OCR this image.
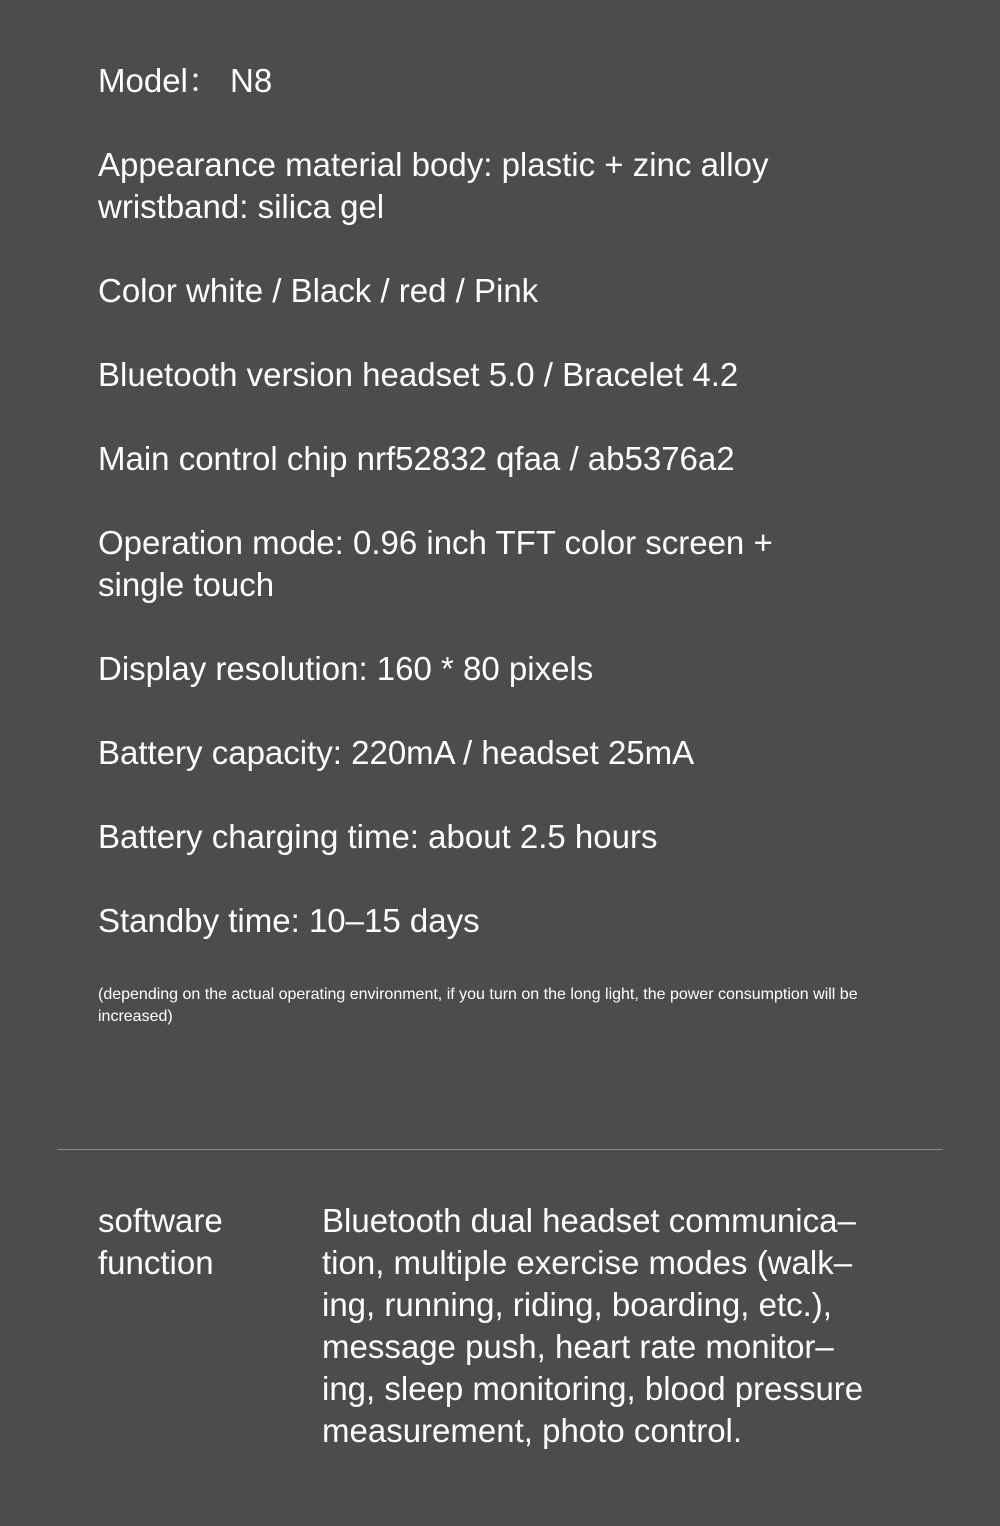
Model： N8
Appearance material body: plastic + zinc alloy
wristband: silica gel
Color white / Black / red / Pink
Bluetooth version headset 5.0 / Bracelet 4.2
Main control chip nrf52832 qfaa / ab5376a2
Operation mode: 0.96 inch TFT color screen +
single touch
Display resolution: 160 * 80 pixels
Battery capacity: 220mA / headset 25mA
Battery charging time: about 2.5 hours
Standby time: 10–15 days
(depending on the actual operating environment, if you turn on the long light, the power consumption will be increased)
software
function
Bluetooth dual headset communica–
tion, multiple exercise modes (walk–
ing, running, riding, boarding, etc.),
message push, heart rate monitor–
ing, sleep monitoring, blood pressure
measurement, photo control.
